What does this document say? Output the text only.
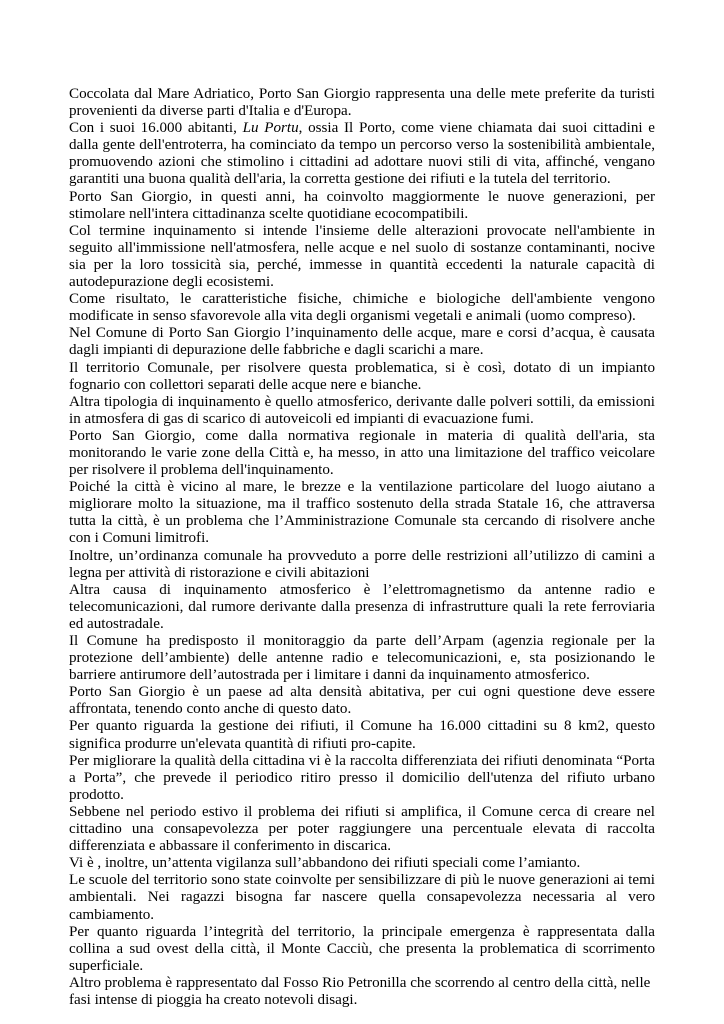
Coccolata dal Mare Adriatico, Porto San Giorgio rappresenta una delle mete preferite da turisti provenienti da diverse parti d'Italia e d'Europa.

Con i suoi 16.000 abitanti, Lu Portu, ossia Il Porto, come viene chiamata dai suoi cittadini e dalla gente dell'entroterra, ha cominciato da tempo un percorso verso la sostenibilità ambientale, promuovendo azioni che stimolino i cittadini ad adottare nuovi stili di vita, affinché, vengano garantiti una buona qualità dell'aria, la corretta gestione dei rifiuti e la tutela del territorio.

Porto San Giorgio, in questi anni, ha coinvolto maggiormente le nuove generazioni, per stimolare nell'intera cittadinanza scelte quotidiane ecocompatibili.

Col termine inquinamento si intende l'insieme delle alterazioni provocate nell'ambiente in seguito all'immissione nell'atmosfera, nelle acque e nel suolo di sostanze contaminanti, nocive sia per la loro tossicità sia, perché, immesse in quantità eccedenti la naturale capacità di autodepurazione degli ecosistemi.

Come risultato, le caratteristiche fisiche, chimiche e biologiche dell'ambiente vengono modificate in senso sfavorevole alla vita degli organismi vegetali e animali (uomo compreso).

Nel Comune di Porto San Giorgio l’inquinamento delle acque, mare e corsi d’acqua, è causata dagli impianti di depurazione delle fabbriche e dagli scarichi a mare.

Il territorio Comunale, per risolvere questa problematica, si è così, dotato di un impianto fognario con collettori separati delle acque nere e bianche.

Altra tipologia di inquinamento è quello atmosferico, derivante dalle polveri sottili, da emissioni in atmosfera di gas di scarico di autoveicoli ed impianti di evacuazione fumi.

Porto San Giorgio, come dalla normativa regionale in materia di qualità dell'aria, sta monitorando le varie zone della Città e, ha messo, in atto una limitazione del traffico veicolare per risolvere il problema dell'inquinamento.

Poiché la città è vicino al mare, le brezze e la ventilazione particolare del luogo aiutano a migliorare molto la situazione, ma il traffico sostenuto della strada Statale 16, che attraversa tutta la città, è un problema che l’Amministrazione Comunale sta cercando di risolvere anche con i Comuni limitrofi.

Inoltre, un’ordinanza comunale ha provveduto a porre delle restrizioni all’utilizzo di camini a legna per attività di ristorazione e civili abitazioni

Altra causa di inquinamento atmosferico è l’elettromagnetismo da antenne radio e telecomunicazioni, dal rumore derivante dalla presenza di infrastrutture quali la rete ferroviaria ed autostradale.

Il Comune ha predisposto il monitoraggio da parte dell’Arpam (agenzia regionale per la protezione dell’ambiente) delle antenne radio e telecomunicazioni, e, sta posizionando le barriere antirumore dell’autostrada per i limitare i danni da inquinamento atmosferico.

Porto San Giorgio è un paese ad alta densità abitativa, per cui ogni questione deve essere affrontata, tenendo conto anche di questo dato.

Per quanto riguarda la gestione dei rifiuti, il Comune ha 16.000 cittadini su 8 km2, questo significa produrre un'elevata quantità di rifiuti pro-capite.

Per migliorare la qualità della cittadina vi è la raccolta differenziata dei rifiuti denominata “Porta a Porta”, che prevede il periodico ritiro presso il domicilio dell'utenza del rifiuto urbano prodotto.

Sebbene nel periodo estivo il problema dei rifiuti si amplifica, il Comune cerca di creare nel cittadino una consapevolezza per poter raggiungere una percentuale elevata di raccolta differenziata e abbassare il conferimento in discarica.

Vi è , inoltre, un’attenta vigilanza sull’abbandono dei rifiuti speciali come l’amianto.

Le scuole del territorio sono state coinvolte per sensibilizzare di più le nuove generazioni ai temi ambientali. Nei ragazzi bisogna far nascere quella consapevolezza necessaria al vero cambiamento.

Per quanto riguarda l’integrità del territorio, la principale emergenza è rappresentata dalla collina a sud ovest della città, il Monte Cacciù, che presenta la problematica di scorrimento superficiale.

Altro problema è rappresentato dal Fosso Rio Petronilla che scorrendo al centro della città, nelle fasi intense di pioggia ha creato notevoli disagi.
